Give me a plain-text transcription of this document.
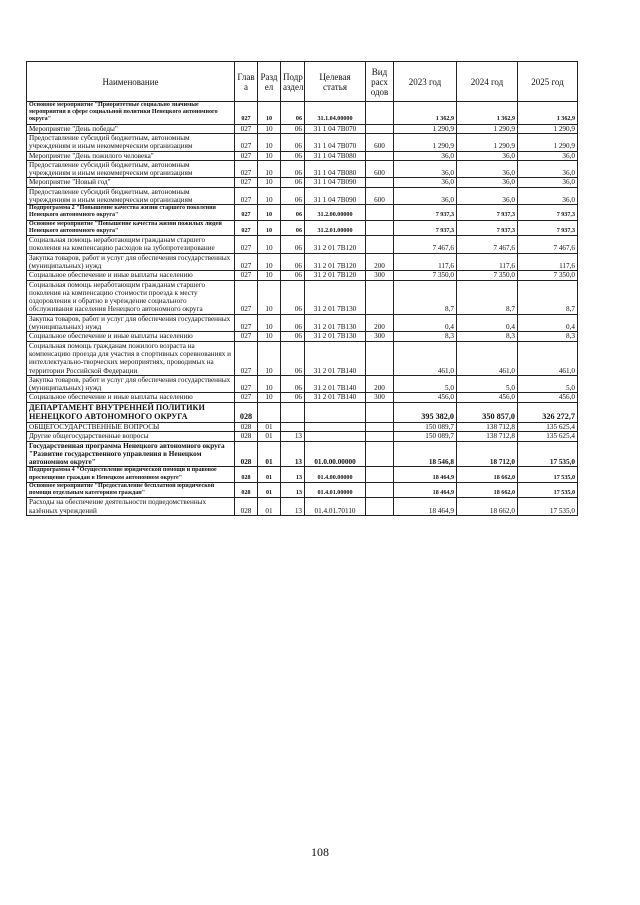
Наименование	Глав а	Разд ел	Подр аздел	Целевая статья	Вид расх одов	2023 год	2024 год	2025 год
Основное мероприятие "Приоритетные социально значимые мероприятия в сфере социальной политики Ненецкого автономного округа"	027	10	06	31.1.04.00000		1 362,9	1 362,9	1 362,9
Мероприятие "День победы"	027	10	06	31 1 04 7В070		1 290,9	1 290,9	1 290,9
Предоставление субсидий бюджетным, автономным учреждениям и иным некоммерческим организациям	027	10	06	31 1 04 7В070	600	1 290,9	1 290,9	1 290,9
Мероприятие "День пожилого человека"	027	10	06	31 1 04 7В080		36,0	36,0	36,0
Предоставление субсидий бюджетным, автономным учреждениям и иным некоммерческим организациям	027	10	06	31 1 04 7В080	600	36,0	36,0	36,0
Мероприятие "Новый год"	027	10	06	31 1 04 7В090		36,0	36,0	36,0
Предоставление субсидий бюджетным, автономным учреждениям и иным некоммерческим организациям	027	10	06	31 1 04 7В090	600	36,0	36,0	36,0
Подпрограмма 2 "Повышение качества жизни старшего поколения Ненецкого автономного округа"	027	10	06	31.2.00.00000		7 937,3	7 937,3	7 937,3
Основное мероприятие "Повышение качества жизни пожилых людей Ненецкого автономного округа"	027	10	06	31.2.01.00000		7 937,3	7 937,3	7 937,3
Социальная помощь неработающим гражданам старшего поколения на компенсацию расходов на зубопротезирование	027	10	06	31 2 01 7В120		7 467,6	7 467,6	7 467,6
Закупка товаров, работ и услуг для обеспечения государственных (муниципальных) нужд	027	10	06	31 2 01 7В120	200	117,6	117,6	117,6
Социальное обеспечение и иные выплаты населению	027	10	06	31 2 01 7В120	300	7 350,0	7 350,0	7 350,0
Социальная помощь неработающим гражданам старшего поколения на компенсацию стоимости проезда к месту оздоровления и обратно в учреждение социального обслуживания населения Ненецкого автономного округа	027	10	06	31 2 01 7В130		8,7	8,7	8,7
Закупка товаров, работ и услуг для обеспечения государственных (муниципальных) нужд	027	10	06	31 2 01 7В130	200	0,4	0,4	0,4
Социальное обеспечение и иные выплаты населению	027	10	06	31 2 01 7В130	300	8,3	8,3	8,3
Социальная помощь гражданам пожилого возраста на компенсацию проезда для участия в спортивных соревнованиях и интеллектуально-творческих мероприятиях, проводимых на территории Российской Федерации	027	10	06	31 2 01 7В140		461,0	461,0	461,0
Закупка товаров, работ и услуг для обеспечения государственных (муниципальных) нужд	027	10	06	31 2 01 7В140	200	5,0	5,0	5,0
Социальное обеспечение и иные выплаты населению	027	10	06	31 2 01 7В140	300	456,0	456,0	456,0
ДЕПАРТАМЕНТ ВНУТРЕННЕЙ ПОЛИТИКИ НЕНЕЦКОГО АВТОНОМНОГО ОКРУГА	028					395 382,0	350 857,0	326 272,7
ОБЩЕГОСУДАРСТВЕННЫЕ ВОПРОСЫ	028	01				150 089,7	138 712,8	135 625,4
Другие общегосударственные вопросы	028	01	13			150 089,7	138 712,8	135 625,4
Государственная программа Ненецкого автономного округа "Развитие государственного управления в Ненецком автономном округе"	028	01	13	01.0.00.00000		18 546,8	18 712,0	17 535,0
Подпрограмма 4 "Осуществление юридической помощи и правовое просвещение граждан в Ненецком автономном округе"	028	01	13	01.4.00.00000		18 464,9	18 662,0	17 535,0
Основное мероприятие "Предоставление бесплатной юридической помощи отдельным категориям граждан"	028	01	13	01.4.01.00000		18 464,9	18 662,0	17 535,0
Расходы на обеспечение деятельности подведомственных казённых учреждений	028	01	13	01.4.01.70110		18 464,9	18 662,0	17 535,0
108
